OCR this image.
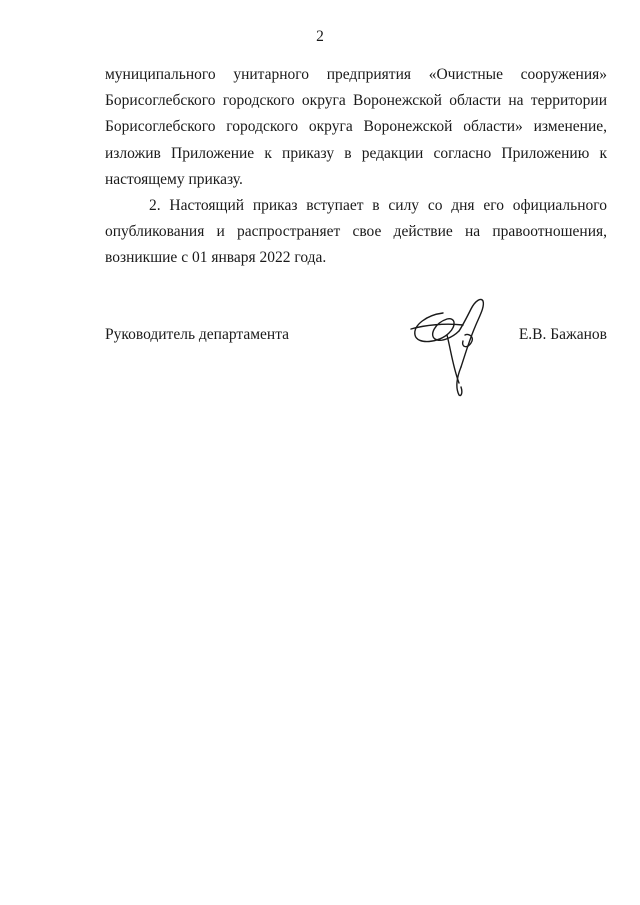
2

муниципального унитарного предприятия «Очистные сооружения» Борисоглебского городского округа Воронежской области на территории Борисоглебского городского округа Воронежской области» изменение, изложив Приложение к приказу в редакции согласно Приложению к настоящему приказу.

2. Настоящий приказ вступает в силу со дня его официального опубликования и распространяет свое действие на правоотношения, возникшие с 01 января 2022 года.

Руководитель департамента	Е.В. Бажанов
